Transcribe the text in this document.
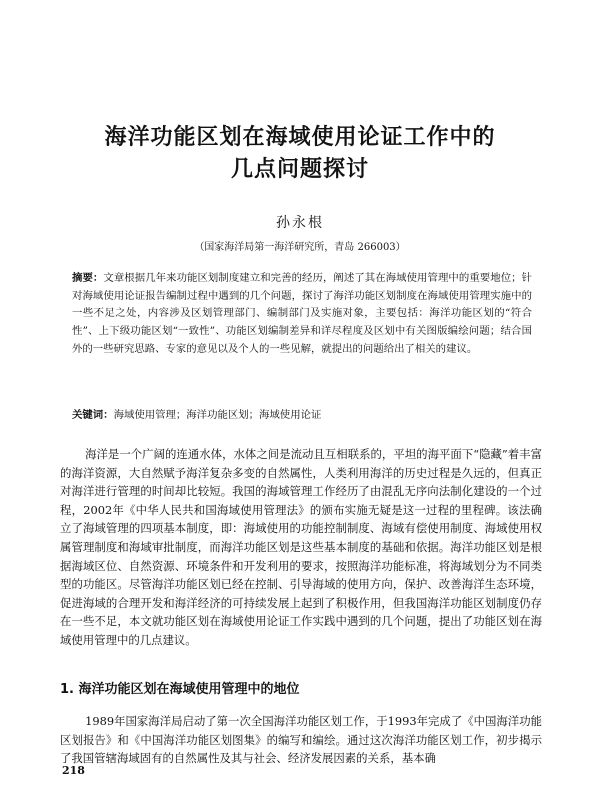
海洋功能区划在海域使用论证工作中的
几点问题探讨
孙永根
（国家海洋局第一海洋研究所，青岛 266003）
摘要：文章根据几年来功能区划制度建立和完善的经历，阐述了其在海域使用管理中的重要地位；针对海域使用论证报告编制过程中遇到的几个问题，探讨了海洋功能区划制度在海域使用管理实施中的一些不足之处，内容涉及区划管理部门、编制部门及实施对象，主要包括：海洋功能区划的“符合性”、上下级功能区划“一致性”、功能区划编制差异和详尽程度及区划中有关图版编绘问题；结合国外的一些研究思路、专家的意见以及个人的一些见解，就提出的问题给出了相关的建议。
关键词：海域使用管理；海洋功能区划；海域使用论证
海洋是一个广阔的连通水体，水体之间是流动且互相联系的，平坦的海平面下“隐藏”着丰富的海洋资源，大自然赋予海洋复杂多变的自然属性，人类利用海洋的历史过程是久远的，但真正对海洋进行管理的时间却比较短。我国的海域管理工作经历了由混乱无序向法制化建设的一个过程，2002年《中华人民共和国海域使用管理法》的颁布实施无疑是这一过程的里程碑。该法确立了海域管理的四项基本制度，即：海域使用的功能控制制度、海域有偿使用制度、海域使用权属管理制度和海域审批制度，而海洋功能区划是这些基本制度的基础和依据。海洋功能区划是根据海域区位、自然资源、环境条件和开发利用的要求，按照海洋功能标准，将海域划分为不同类型的功能区。尽管海洋功能区划已经在控制、引导海域的使用方向，保护、改善海洋生态环境，促进海域的合理开发和海洋经济的可持续发展上起到了积极作用，但我国海洋功能区划制度仍存在一些不足，本文就功能区划在海域使用论证工作实践中遇到的几个问题，提出了功能区划在海域使用管理中的几点建议。
1. 海洋功能区划在海域使用管理中的地位
1989年国家海洋局启动了第一次全国海洋功能区划工作，于1993年完成了《中国海洋功能区划报告》和《中国海洋功能区划图集》的编写和编绘。通过这次海洋功能区划工作，初步揭示了我国管辖海域固有的自然属性及其与社会、经济发展因素的关系，基本确
218
